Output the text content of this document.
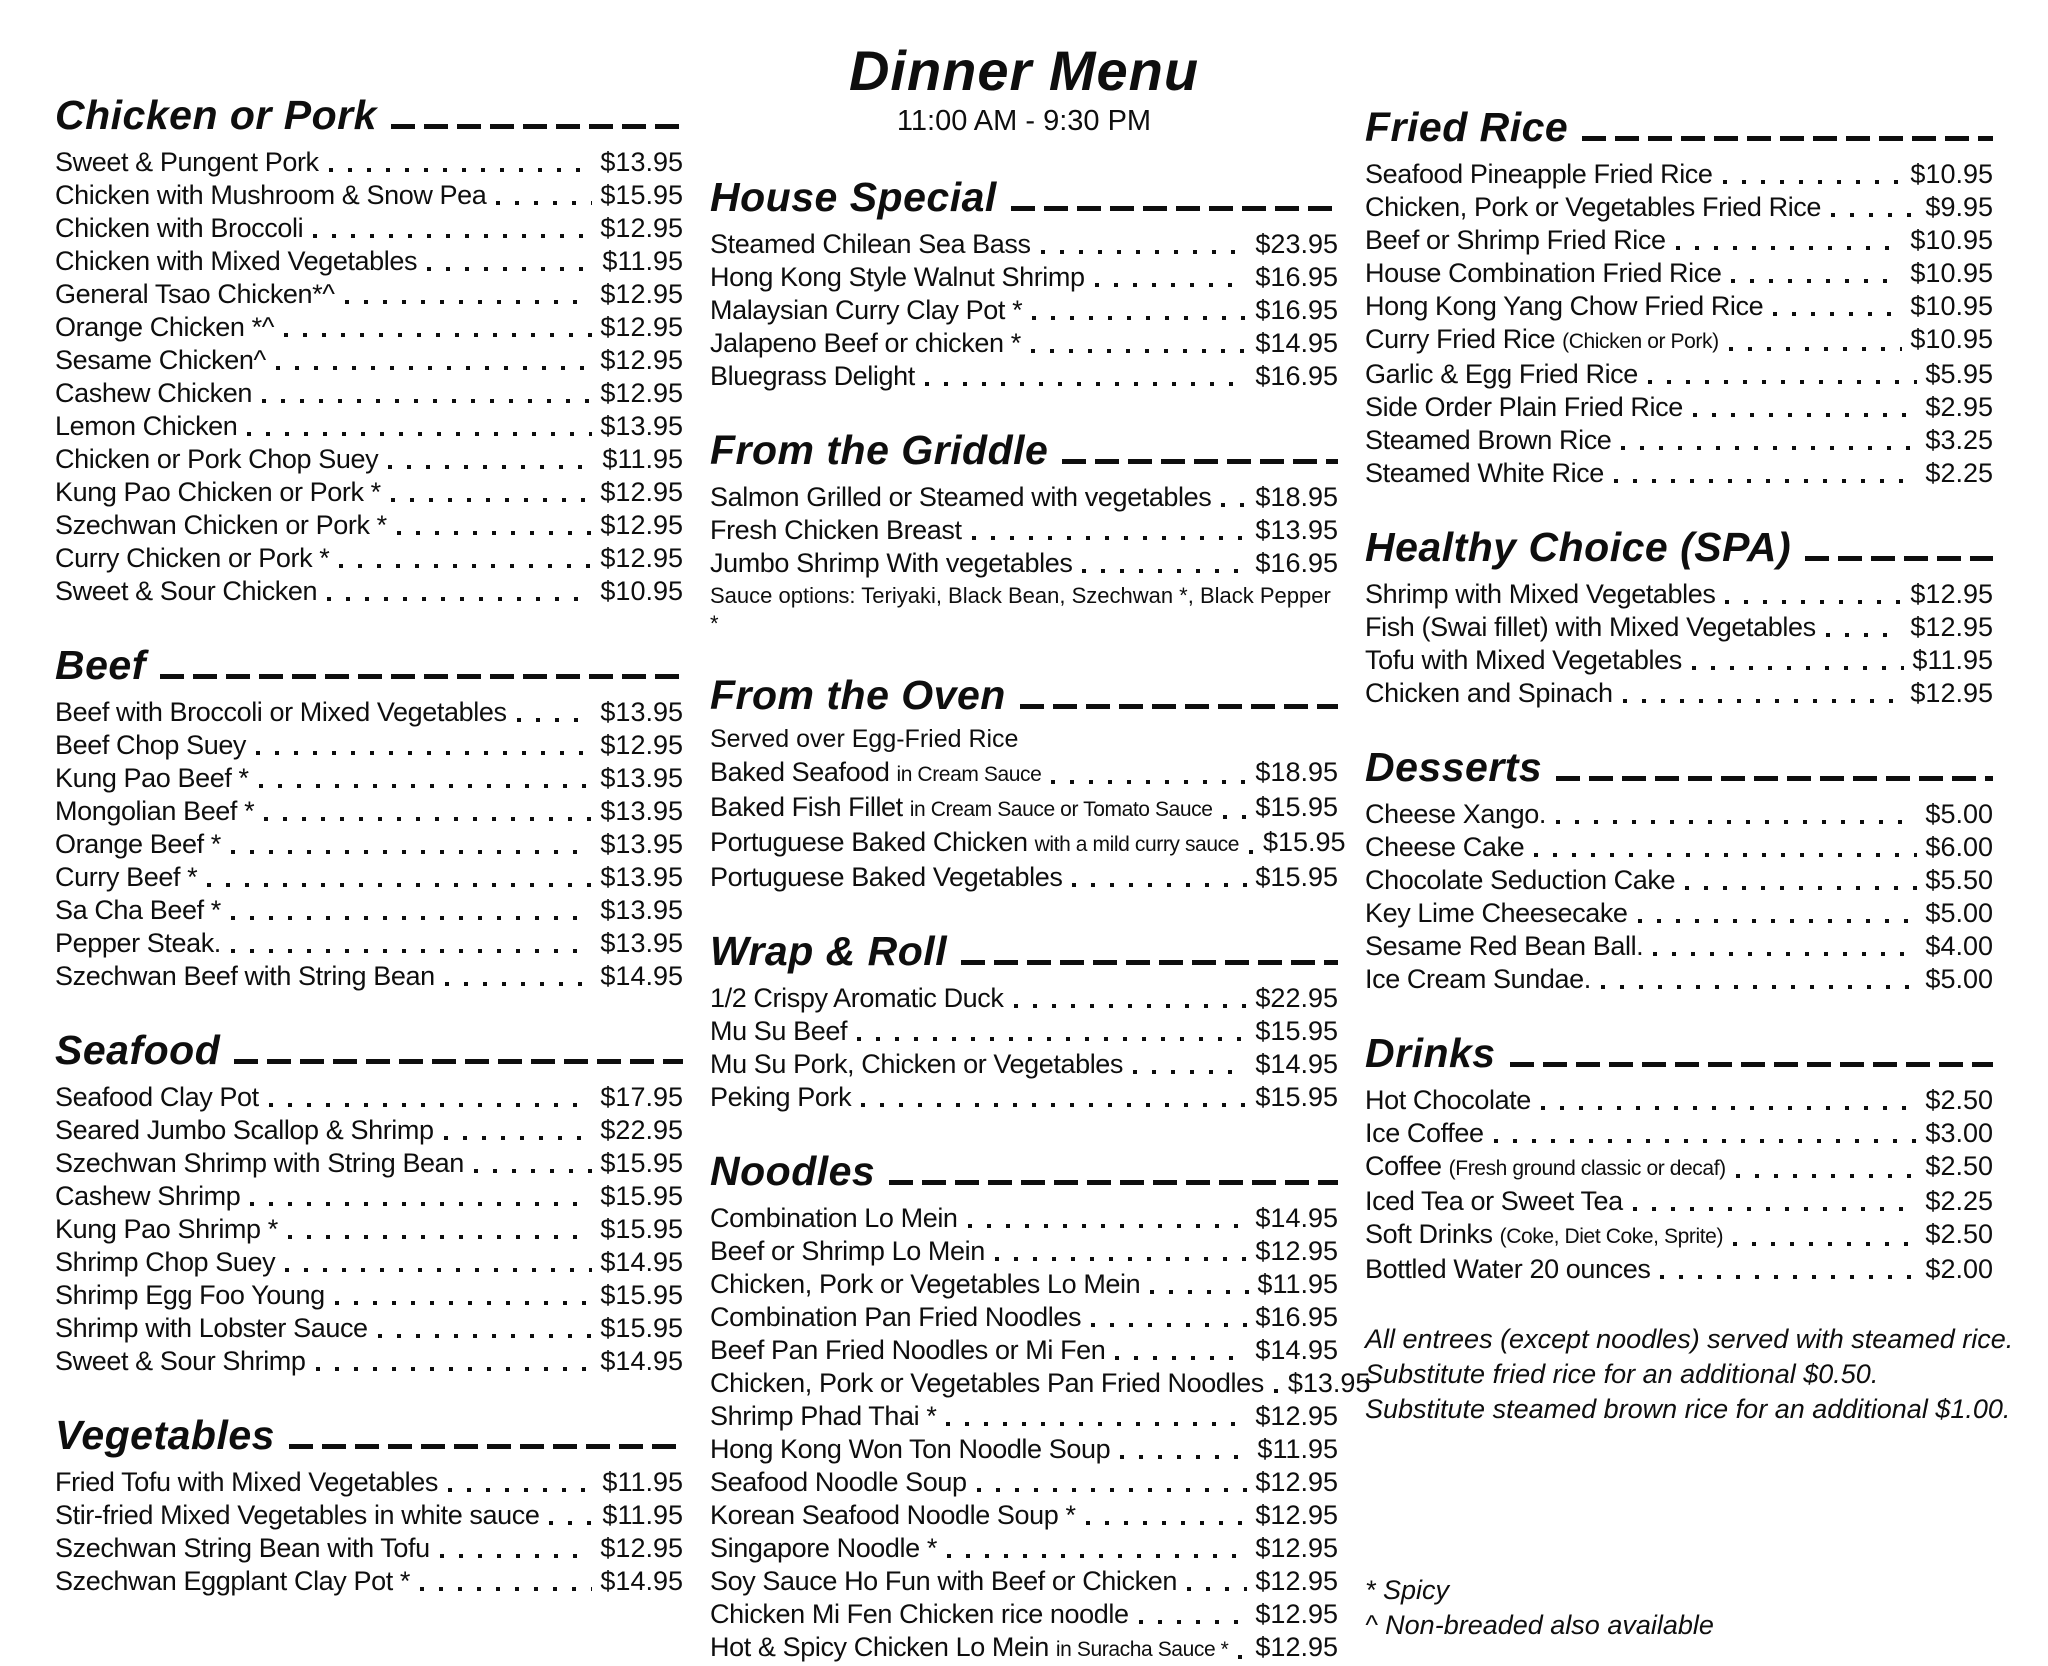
Chicken or Pork
Sweet & Pungent Pork	$13.95
Chicken with Mushroom & Snow Pea	$15.95
Chicken with Broccoli	$12.95
Chicken with Mixed Vegetables	$11.95
General Tsao Chicken*^	$12.95
Orange Chicken *^	$12.95
Sesame Chicken^	$12.95
Cashew Chicken	$12.95
Lemon Chicken	$13.95
Chicken or Pork Chop Suey	$11.95
Kung Pao Chicken or Pork *	$12.95
Szechwan Chicken or Pork *	$12.95
Curry Chicken or Pork *	$12.95
Sweet & Sour Chicken	$10.95
Beef
Beef with Broccoli or Mixed Vegetables	$13.95
Beef Chop Suey	$12.95
Kung Pao Beef *	$13.95
Mongolian Beef *	$13.95
Orange Beef *	$13.95
Curry Beef *	$13.95
Sa Cha Beef *	$13.95
Pepper Steak.	$13.95
Szechwan Beef with String Bean	$14.95
Seafood
Seafood Clay Pot	$17.95
Seared Jumbo Scallop & Shrimp	$22.95
Szechwan Shrimp with String Bean	$15.95
Cashew Shrimp	$15.95
Kung Pao Shrimp *	$15.95
Shrimp Chop Suey	$14.95
Shrimp Egg Foo Young	$15.95
Shrimp with Lobster Sauce	$15.95
Sweet & Sour Shrimp	$14.95
Vegetables
Fried Tofu with Mixed Vegetables	$11.95
Stir-fried Mixed Vegetables in white sauce $11.95
Szechwan String Bean with Tofu	$12.95
Szechwan Eggplant Clay Pot *	$14.95
Dinner Menu
11:00 AM - 9:30 PM
House Special
Steamed Chilean Sea Bass	$23.95
Hong Kong Style Walnut Shrimp	$16.95
Malaysian Curry Clay Pot *	$16.95
Jalapeno Beef or chicken *	$14.95
Bluegrass Delight	$16.95
From the Griddle
Salmon Grilled or Steamed with vegetables $18.95
Fresh Chicken Breast	$13.95
Jumbo Shrimp With vegetables	$16.95
Sauce options: Teriyaki, Black Bean, Szechwan *, Black Pepper *
From the Oven
Served over Egg-Fried Rice
Baked Seafood in Cream Sauce	$18.95
Baked Fish Fillet in Cream Sauce or Tomato Sauce $15.95
Portuguese Baked Chicken with a mild curry sauce $15.95
Portuguese Baked Vegetables	$15.95
Wrap & Roll
1/2 Crispy Aromatic Duck	$22.95
Mu Su Beef	$15.95
Mu Su Pork, Chicken or Vegetables	$14.95
Peking Pork	$15.95
Noodles
Combination Lo Mein	$14.95
Beef or Shrimp Lo Mein	$12.95
Chicken, Pork or Vegetables Lo Mein	$11.95
Combination Pan Fried Noodles	$16.95
Beef Pan Fried Noodles or Mi Fen	$14.95
Chicken, Pork or Vegetables Pan Fried Noodles $13.95
Shrimp Phad Thai *	$12.95
Hong Kong Won Ton Noodle Soup	$11.95
Seafood Noodle Soup	$12.95
Korean Seafood Noodle Soup *	$12.95
Singapore Noodle *	$12.95
Soy Sauce Ho Fun with Beef or Chicken	$12.95
Chicken Mi Fen Chicken rice noodle	$12.95
Hot & Spicy Chicken Lo Mein in Suracha Sauce * $12.95
Fried Rice
Seafood Pineapple Fried Rice	$10.95
Chicken, Pork or Vegetables Fried Rice	$9.95
Beef or Shrimp Fried Rice	$10.95
House Combination Fried Rice	$10.95
Hong Kong Yang Chow Fried Rice	$10.95
Curry Fried Rice (Chicken or Pork)	$10.95
Garlic & Egg Fried Rice	$5.95
Side Order Plain Fried Rice	$2.95
Steamed Brown Rice	$3.25
Steamed White Rice	$2.25
Healthy Choice (SPA)
Shrimp with Mixed Vegetables	$12.95
Fish (Swai fillet) with Mixed Vegetables	$12.95
Tofu with Mixed Vegetables	$11.95
Chicken and Spinach	$12.95
Desserts
Cheese Xango.	$5.00
Cheese Cake	$6.00
Chocolate Seduction Cake	$5.50
Key Lime Cheesecake	$5.00
Sesame Red Bean Ball.	$4.00
Ice Cream Sundae.	$5.00
Drinks
Hot Chocolate	$2.50
Ice Coffee	$3.00
Coffee (Fresh ground classic or decaf)	$2.50
Iced Tea or Sweet Tea	$2.25
Soft Drinks (Coke, Diet Coke, Sprite)	$2.50
Bottled Water 20 ounces	$2.00
All entrees (except noodles) served with steamed rice.
Substitute fried rice for an additional $0.50.
Substitute steamed brown rice for an additional $1.00.
* Spicy
^ Non-breaded also available
